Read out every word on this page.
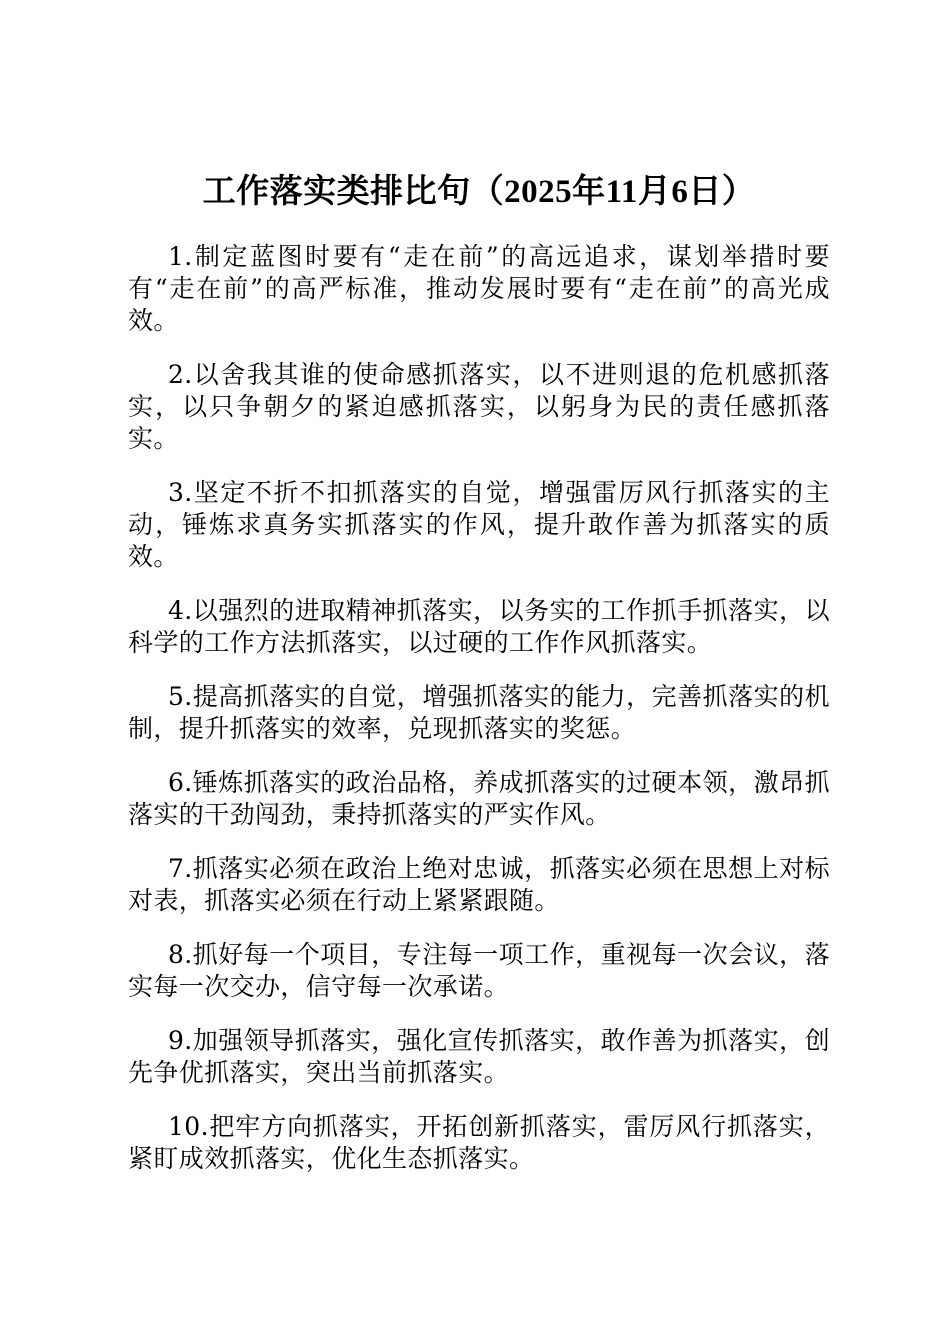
工作落实类排比句（2025年11月6日）

1.制定蓝图时要有“走在前”的高远追求，谋划举措时要有“走在前”的高严标准，推动发展时要有“走在前”的高光成效。

2.以舍我其谁的使命感抓落实，以不进则退的危机感抓落实，以只争朝夕的紧迫感抓落实，以躬身为民的责任感抓落实。

3.坚定不折不扣抓落实的自觉，增强雷厉风行抓落实的主动，锤炼求真务实抓落实的作风，提升敢作善为抓落实的质效。

4.以强烈的进取精神抓落实，以务实的工作抓手抓落实，以科学的工作方法抓落实，以过硬的工作作风抓落实。

5.提高抓落实的自觉，增强抓落实的能力，完善抓落实的机制，提升抓落实的效率，兑现抓落实的奖惩。

6.锤炼抓落实的政治品格，养成抓落实的过硬本领，激昂抓落实的干劲闯劲，秉持抓落实的严实作风。

7.抓落实必须在政治上绝对忠诚，抓落实必须在思想上对标对表，抓落实必须在行动上紧紧跟随。

8.抓好每一个项目，专注每一项工作，重视每一次会议，落实每一次交办，信守每一次承诺。

9.加强领导抓落实，强化宣传抓落实，敢作善为抓落实，创先争优抓落实，突出当前抓落实。

10.把牢方向抓落实，开拓创新抓落实，雷厉风行抓落实，紧盯成效抓落实，优化生态抓落实。
